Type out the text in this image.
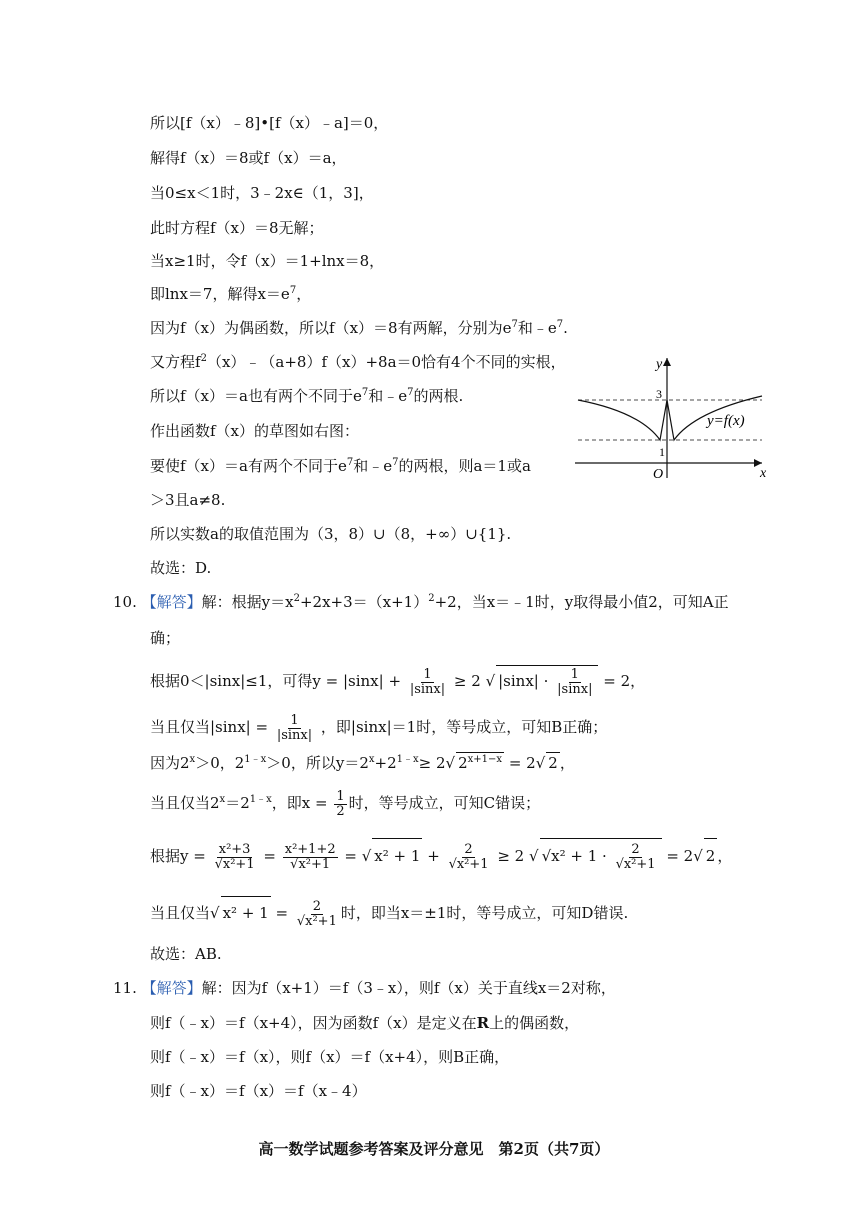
所以[f（x）﹣8]•[f（x）﹣a]＝0，
解得f（x）＝8或f（x）＝a，
当0≤x＜1时，3﹣2x∈（1，3]，
此时方程f（x）＝8无解；
当x≥1时，令f（x）＝1+lnx＝8，
即lnx＝7，解得$x=e^7$，
因为f（x）为偶函数，所以f（x）＝8有两解，分别为$e^7$和$﹣e^7$.
又方程$f^2(x)﹣(a+8)f(x)+8a=0$恰有4个不同的实根，
所以f（x）＝a也有两个不同于$e^7$和$﹣e^7$的两根.
作出函数f（x）的草图如右图：
要使f（x）＝a有两个不同于$e^7$和$﹣e^7$的两根，则a＝1或a
＞3且a≠8.
所以实数a的取值范围为（3，8）∪（8，+∞）∪{1}.
故选：D.
y
x
O
3
1
y=f(x)
10. 【解答】解：根据$y=x^2+2x+3=(x+1)^2+2$，当x＝﹣1时，y取得最小值2，可知A正
确；
根据0＜|sinx|≤1，可得$y = |\sin x| + \frac{1}{|\sin x|} \ge 2$ √ $|\sin x| \cdot \frac{1}{|\sin x|} = 2$，
当且仅当$|\sin x| = \frac{1}{|\sin x|}$ ，即|sinx|＝1时，等号成立，可知B正确；
因为$2^x>0$，$2^{1﹣x}>0$，所以$y=2^x+2^{1﹣x}\ge 2√$ $2^{x+1-x} = 2√$ 2 ，
当且仅当$2^x=2^{1﹣x}$，即$x = \frac{1}{2}$ 时，等号成立，可知C错误；
根据$y = \frac{\text{x²+3}}{\text{√x²+1}} = \frac{\text{x²+1+2}}{\text{√x²+1}}$ = √ $x^2 + 1 + \frac{2}{\text{√x²+1}} \ge 2$ √ $√x^2 + 1 \cdot \frac{2}{\text{√x²+1}} = 2√$ 2 ，
当且仅当√ $x^2 + 1 = \frac{2}{\text{√x²+1}}$ 时，即当x＝±1时，等号成立，可知D错误.
故选：AB.
11. 【解答】解：因为f（x+1）＝f（3﹣x），则f（x）关于直线x＝2对称，
则f（﹣x）＝f（x+4），因为函数f（x）是定义在R上的偶函数，
则f（﹣x）＝f（x），则f（x）＝f（x+4），则B正确，
则f（﹣x）＝f（x）＝f（x﹣4）
高一数学试题参考答案及评分意见　第2页（共7页）
